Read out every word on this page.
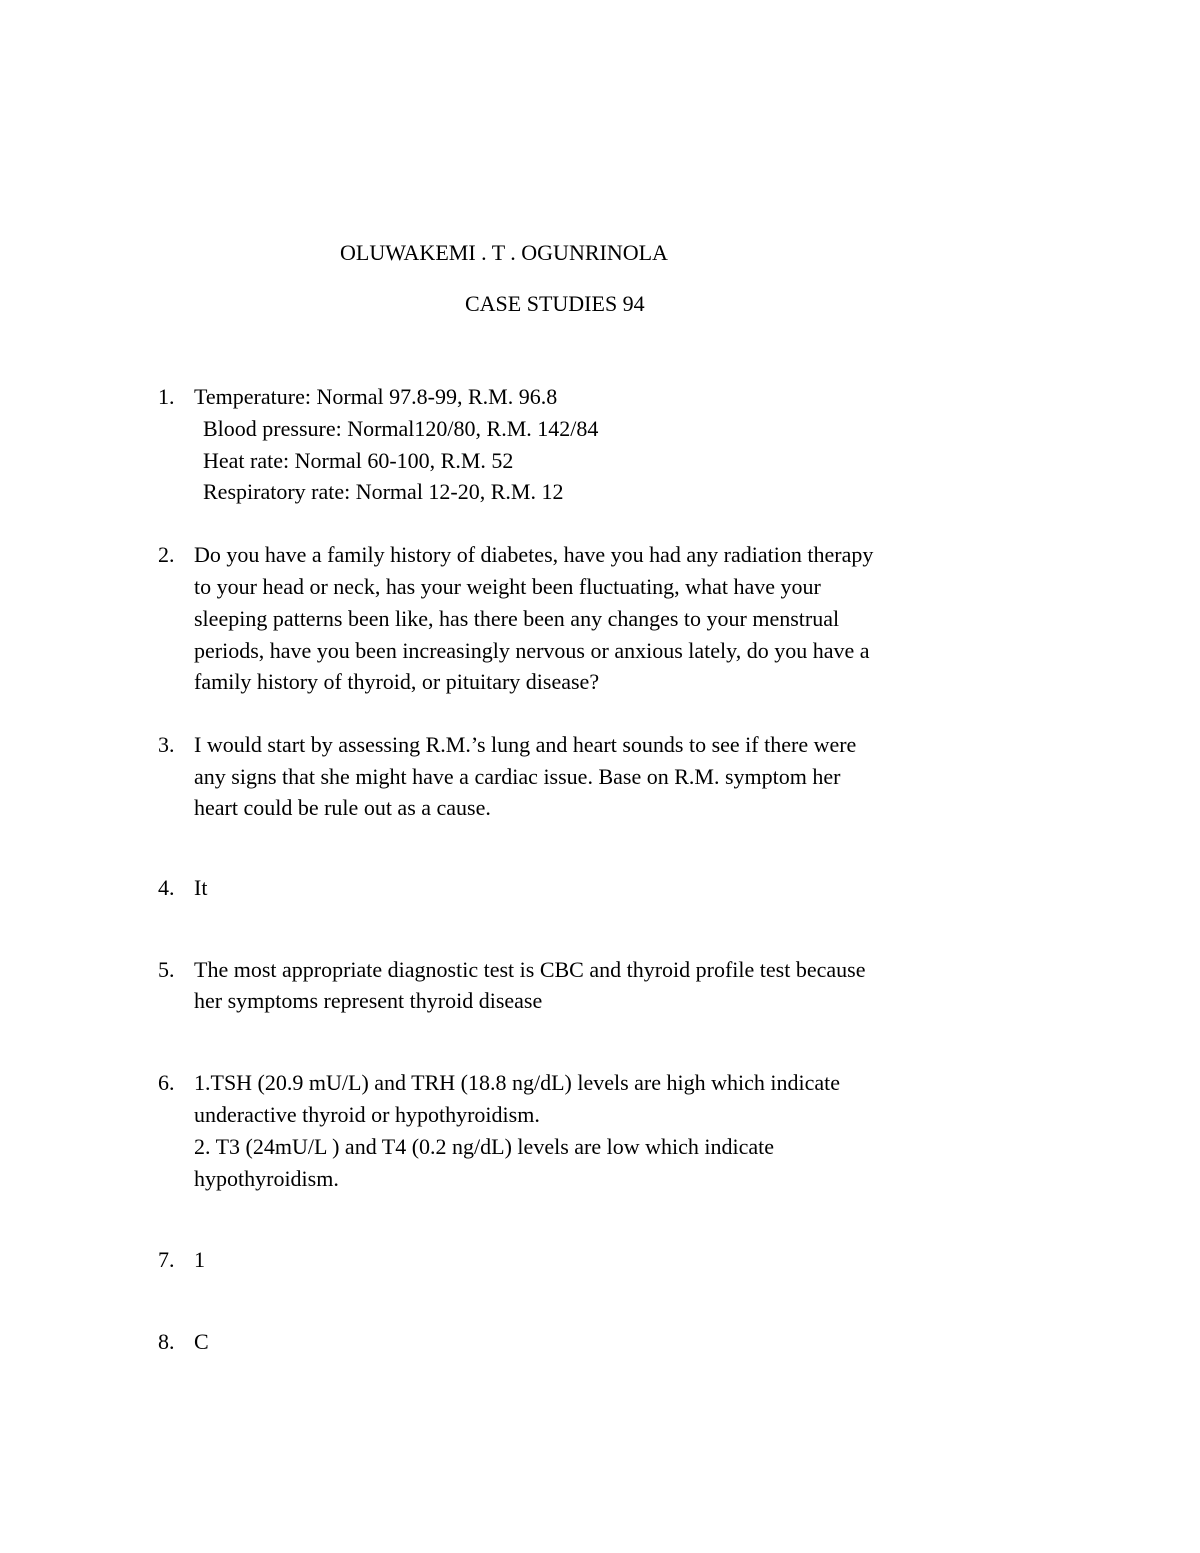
OLUWAKEMI . T . OGUNRINOLA
CASE STUDIES 94
1. Temperature: Normal 97.8-99, R.M. 96.8
Blood pressure: Normal120/80, R.M. 142/84
Heat rate: Normal 60-100, R.M. 52
Respiratory rate: Normal 12-20, R.M. 12
2. Do you have a family history of diabetes, have you had any radiation therapy
to your head or neck, has your weight been fluctuating, what have your
sleeping patterns been like, has there been any changes to your menstrual
periods, have you been increasingly nervous or anxious lately, do you have a
family history of thyroid, or pituitary disease?
3. I would start by assessing R.M.’s lung and heart sounds to see if there were
any signs that she might have a cardiac issue. Base on R.M. symptom her
heart could be rule out as a cause.
4. It
5. The most appropriate diagnostic test is CBC and thyroid profile test because
her symptoms represent thyroid disease
6. 1.TSH (20.9 mU/L) and TRH (18.8 ng/dL) levels are high which indicate
underactive thyroid or hypothyroidism.
2. T3 (24mU/L ) and T4 (0.2 ng/dL) levels are low which indicate
hypothyroidism.
7. 1
8. C
